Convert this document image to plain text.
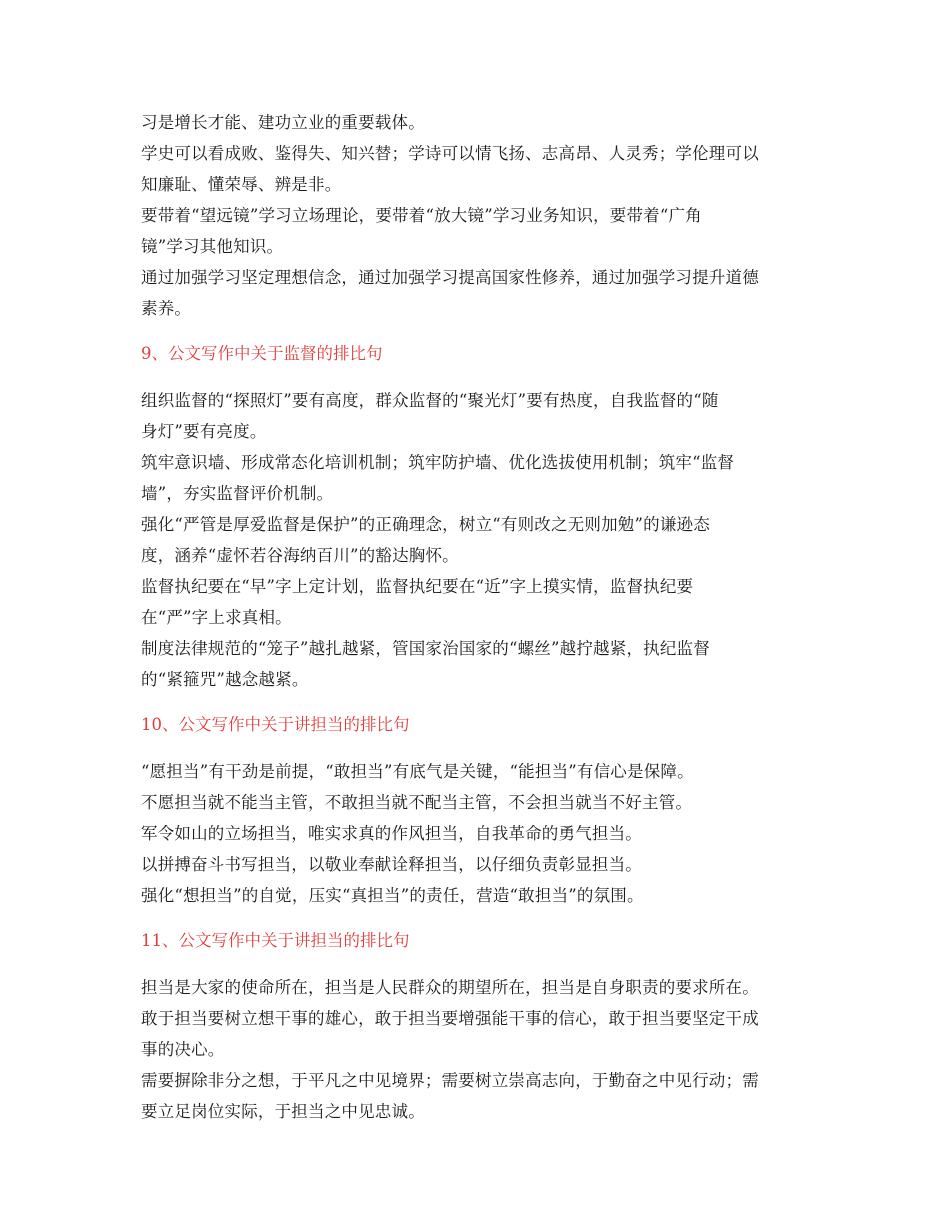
习是增长才能、建功立业的重要载体。
学史可以看成败、鉴得失、知兴替；学诗可以情飞扬、志高昂、人灵秀；学伦理可以
知廉耻、懂荣辱、辨是非。
要带着“望远镜”学习立场理论，要带着“放大镜”学习业务知识，要带着“广角
镜”学习其他知识。
通过加强学习坚定理想信念，通过加强学习提高国家性修养，通过加强学习提升道德
素养。
9、公文写作中关于监督的排比句
组织监督的“探照灯”要有高度，群众监督的“聚光灯”要有热度，自我监督的“随
身灯”要有亮度。
筑牢意识墙、形成常态化培训机制；筑牢防护墙、优化选拔使用机制；筑牢“监督
墙”，夯实监督评价机制。
强化“严管是厚爱监督是保护”的正确理念，树立“有则改之无则加勉”的谦逊态
度，涵养“虚怀若谷海纳百川”的豁达胸怀。
监督执纪要在“早”字上定计划，监督执纪要在“近”字上摸实情，监督执纪要
在“严”字上求真相。
制度法律规范的“笼子”越扎越紧，管国家治国家的“螺丝”越拧越紧，执纪监督
的“紧箍咒”越念越紧。
10、公文写作中关于讲担当的排比句
“愿担当”有干劲是前提，“敢担当”有底气是关键，“能担当”有信心是保障。
不愿担当就不能当主管，不敢担当就不配当主管，不会担当就当不好主管。
军令如山的立场担当，唯实求真的作风担当，自我革命的勇气担当。
以拼搏奋斗书写担当，以敬业奉献诠释担当，以仔细负责彰显担当。
强化“想担当”的自觉，压实“真担当”的责任，营造“敢担当”的氛围。
11、公文写作中关于讲担当的排比句
担当是大家的使命所在，担当是人民群众的期望所在，担当是自身职责的要求所在。
敢于担当要树立想干事的雄心，敢于担当要增强能干事的信心，敢于担当要坚定干成
事的决心。
需要摒除非分之想，于平凡之中见境界；需要树立崇高志向，于勤奋之中见行动；需
要立足岗位实际，于担当之中见忠诚。
